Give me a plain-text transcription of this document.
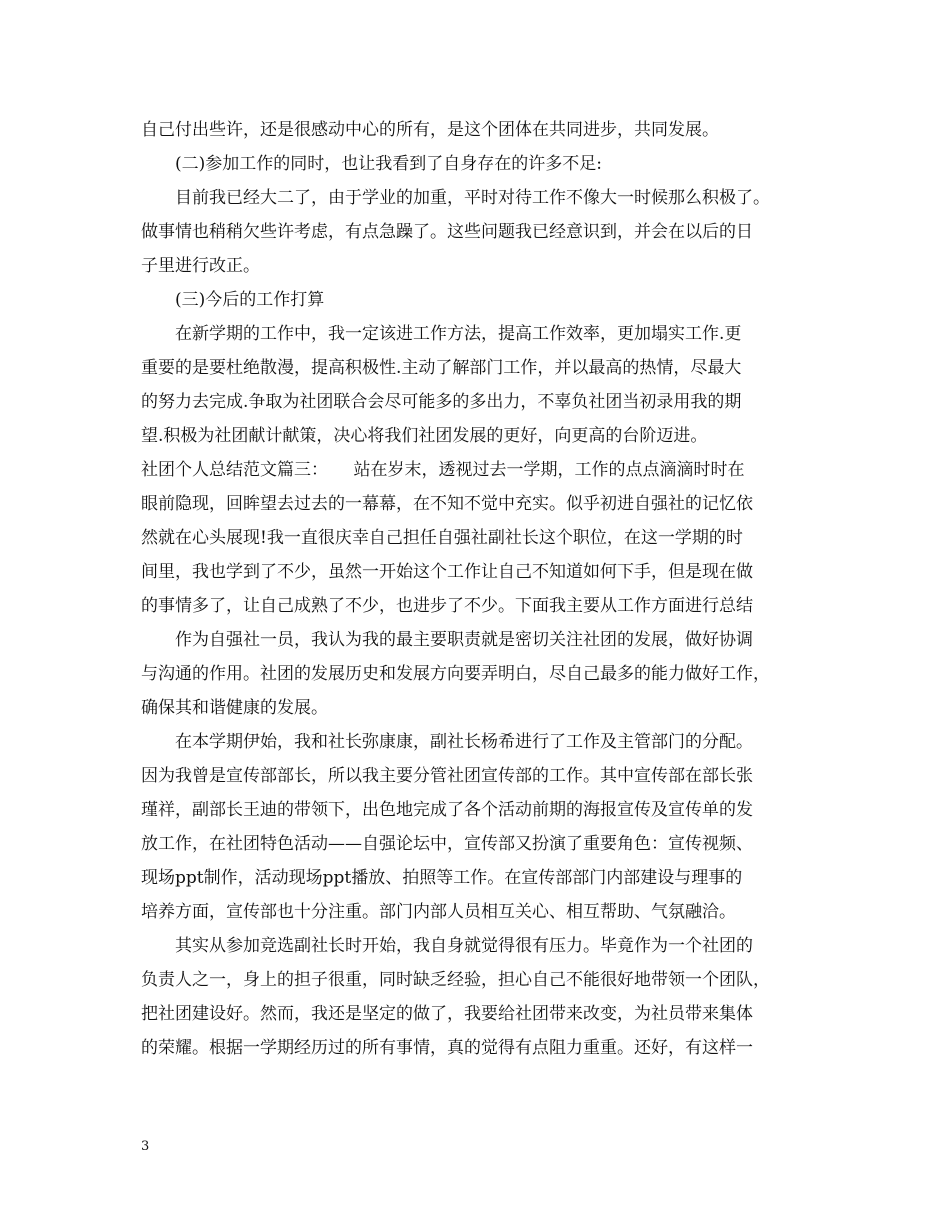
自己付出些许，还是很感动中心的所有，是这个团体在共同进步，共同发展。
　　(二)参加工作的同时，也让我看到了自身存在的许多不足:
　　目前我已经大二了，由于学业的加重，平时对待工作不像大一时候那么积极了。
做事情也稍稍欠些许考虑，有点急躁了。这些问题我已经意识到，并会在以后的日
子里进行改正。
　　(三)今后的工作打算
　　在新学期的工作中，我一定该进工作方法，提高工作效率，更加塌实工作.更
重要的是要杜绝散漫，提高积极性.主动了解部门工作，并以最高的热情，尽最大
的努力去完成.争取为社团联合会尽可能多的多出力，不辜负社团当初录用我的期
望.积极为社团献计献策，决心将我们社团发展的更好，向更高的台阶迈进。
社团个人总结范文篇三：　　站在岁末，透视过去一学期，工作的点点滴滴时时在
眼前隐现，回眸望去过去的一幕幕，在不知不觉中充实。似乎初进自强社的记忆依
然就在心头展现!我一直很庆幸自己担任自强社副社长这个职位，在这一学期的时
间里，我也学到了不少，虽然一开始这个工作让自己不知道如何下手，但是现在做
的事情多了，让自己成熟了不少，也进步了不少。下面我主要从工作方面进行总结
　　作为自强社一员，我认为我的最主要职责就是密切关注社团的发展，做好协调
与沟通的作用。社团的发展历史和发展方向要弄明白，尽自己最多的能力做好工作，
确保其和谐健康的发展。
　　在本学期伊始，我和社长弥康康，副社长杨希进行了工作及主管部门的分配。
因为我曾是宣传部部长，所以我主要分管社团宣传部的工作。其中宣传部在部长张
瑾祥，副部长王迪的带领下，出色地完成了各个活动前期的海报宣传及宣传单的发
放工作，在社团特色活动——自强论坛中，宣传部又扮演了重要角色：宣传视频、
现场ppt制作，活动现场ppt播放、拍照等工作。在宣传部部门内部建设与理事的
培养方面，宣传部也十分注重。部门内部人员相互关心、相互帮助、气氛融洽。
　　其实从参加竞选副社长时开始，我自身就觉得很有压力。毕竟作为一个社团的
负责人之一，身上的担子很重，同时缺乏经验，担心自己不能很好地带领一个团队，
把社团建设好。然而，我还是坚定的做了，我要给社团带来改变，为社员带来集体
的荣耀。根据一学期经历过的所有事情，真的觉得有点阻力重重。还好，有这样一
3
